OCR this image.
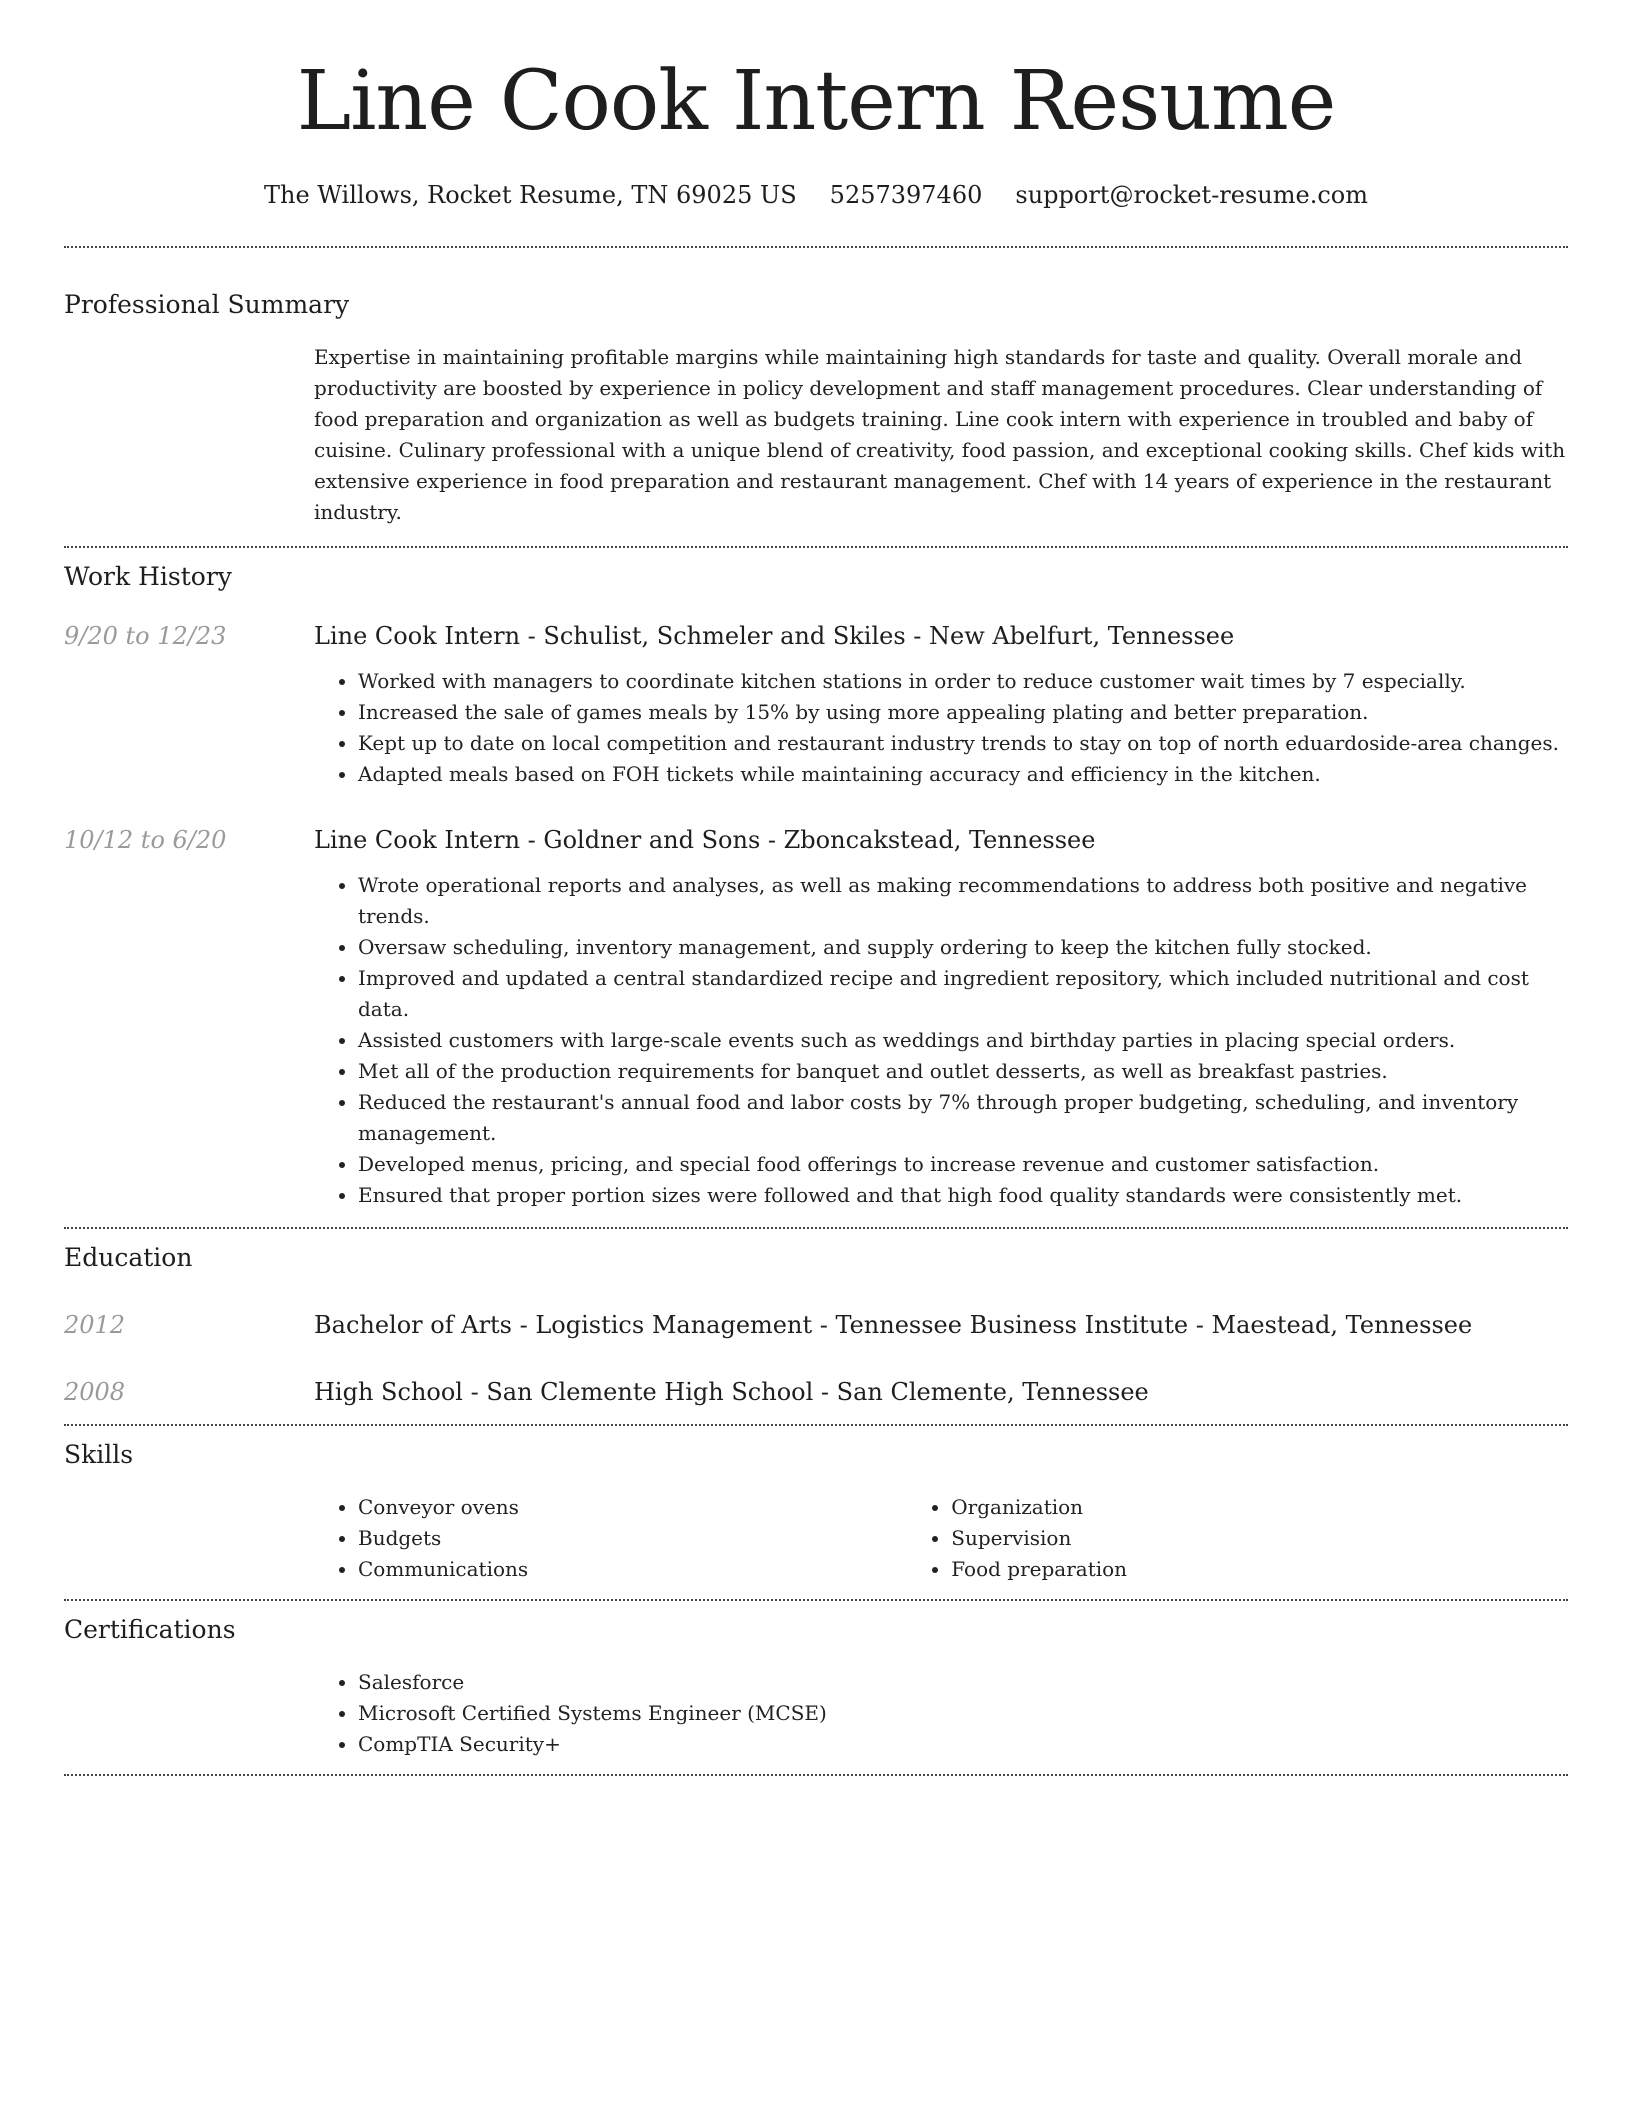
Line Cook Intern Resume
The Willows, Rocket Resume, TN 69025 US 5257397460 support@rocket-resume.com
Professional Summary
Expertise in maintaining profitable margins while maintaining high standards for taste and quality. Overall morale and productivity are boosted by experience in policy development and staff management procedures. Clear understanding of food preparation and organization as well as budgets training. Line cook intern with experience in troubled and baby of cuisine. Culinary professional with a unique blend of creativity, food passion, and exceptional cooking skills. Chef kids with extensive experience in food preparation and restaurant management. Chef with 14 years of experience in the restaurant industry.
Work History
9/20 to 12/23	Line Cook Intern - Schulist, Schmeler and Skiles - New Abelfurt, Tennessee
• Worked with managers to coordinate kitchen stations in order to reduce customer wait times by 7 especially.
• Increased the sale of games meals by 15% by using more appealing plating and better preparation.
• Kept up to date on local competition and restaurant industry trends to stay on top of north eduardoside-area changes.
• Adapted meals based on FOH tickets while maintaining accuracy and efficiency in the kitchen.
10/12 to 6/20	Line Cook Intern - Goldner and Sons - Zboncakstead, Tennessee
• Wrote operational reports and analyses, as well as making recommendations to address both positive and negative trends.
• Oversaw scheduling, inventory management, and supply ordering to keep the kitchen fully stocked.
• Improved and updated a central standardized recipe and ingredient repository, which included nutritional and cost data.
• Assisted customers with large-scale events such as weddings and birthday parties in placing special orders.
• Met all of the production requirements for banquet and outlet desserts, as well as breakfast pastries.
• Reduced the restaurant's annual food and labor costs by 7% through proper budgeting, scheduling, and inventory management.
• Developed menus, pricing, and special food offerings to increase revenue and customer satisfaction.
• Ensured that proper portion sizes were followed and that high food quality standards were consistently met.
Education
2012	Bachelor of Arts - Logistics Management - Tennessee Business Institute - Maestead, Tennessee
2008	High School - San Clemente High School - San Clemente, Tennessee
Skills
• Conveyor ovens
• Budgets
• Communications
• Organization
• Supervision
• Food preparation
Certifications
• Salesforce
• Microsoft Certified Systems Engineer (MCSE)
• CompTIA Security+
